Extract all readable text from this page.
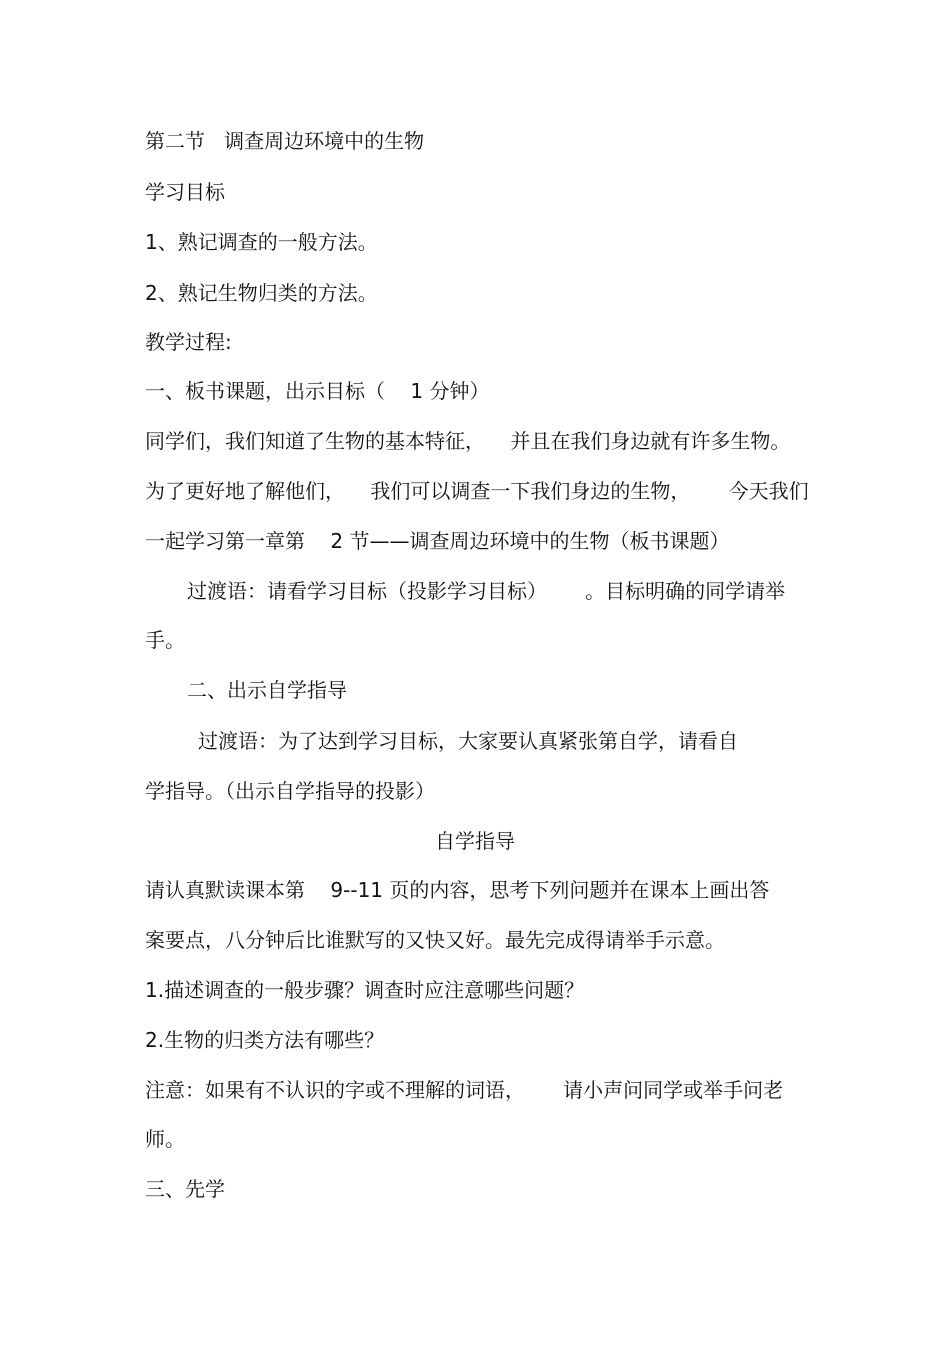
第二节   调查周边环境中的生物
学习目标
1、熟记调查的一般方法。
2、熟记生物归类的方法。
教学过程:
一、板书课题，出示目标（    1 分钟）
同学们，我们知道了生物的基本特征，    并且在我们身边就有许多生物。
为了更好地了解他们，    我们可以调查一下我们身边的生物，      今天我们
一起学习第一章第    2 节——调查周边环境中的生物（板书课题）
过渡语：请看学习目标（投影学习目标）      。目标明确的同学请举
手。
二、出示自学指导
过渡语：为了达到学习目标，大家要认真紧张第自学，请看自
学指导。（出示自学指导的投影）
自学指导
请认真默读课本第    9--11 页的内容，思考下列问题并在课本上画出答
案要点，八分钟后比谁默写的又快又好。最先完成得请举手示意。
1.描述调查的一般步骤？调查时应注意哪些问题？
2.生物的归类方法有哪些？
注意：如果有不认识的字或不理解的词语，      请小声问同学或举手问老
师。
三、先学
